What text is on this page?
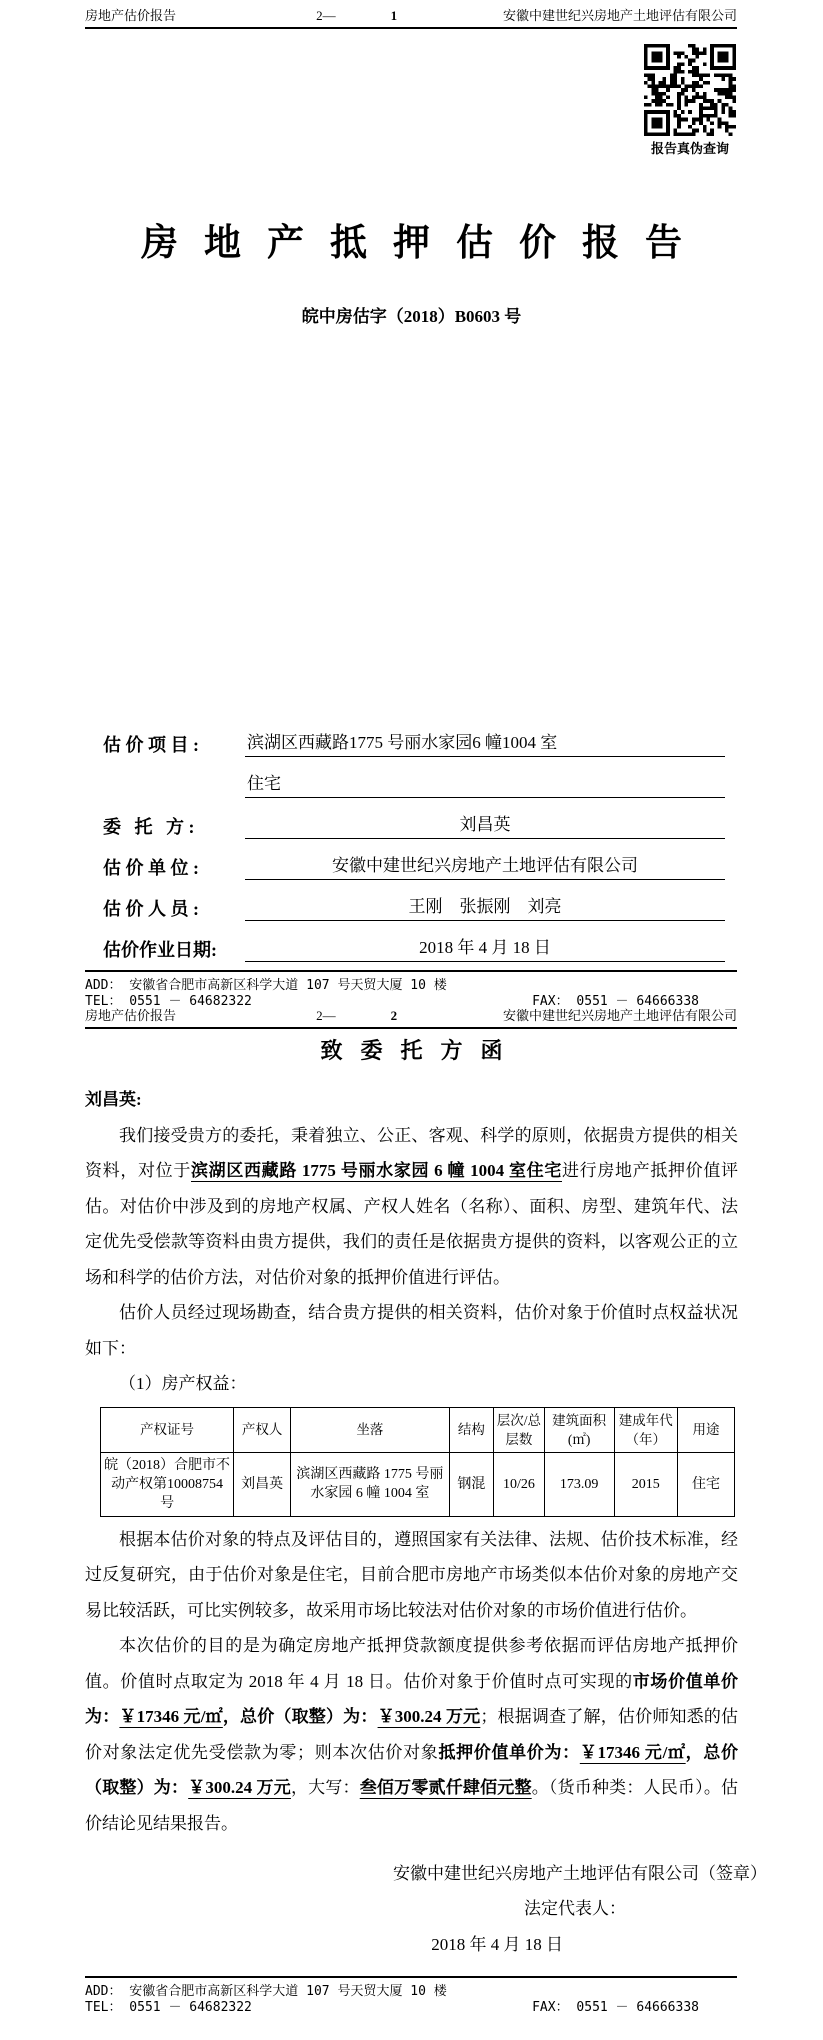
房地产估价报告	2—	1	安徽中建世纪兴房地产土地评估有限公司
报告真伪查询
房地产抵押估价报告
皖中房估字（2018）B0603 号
估 价 项 目 :	滨湖区西藏路1775 号丽水家园6 幢1004 室
住宅
委   托   方 :	刘昌英
估 价 单 位 :	安徽中建世纪兴房地产土地评估有限公司
估 价 人 员 :	王刚    张振刚    刘亮
估价作业日期:	2018 年 4 月 18 日
ADD： 安徽省合肥市高新区科学大道 107 号天贸大厦 10 楼
TEL： 0551 － 64682322	FAX： 0551 － 64666338
房地产估价报告	2—	2	安徽中建世纪兴房地产土地评估有限公司
致委托方函
刘昌英:
我们接受贵方的委托，秉着独立、公正、客观、科学的原则，依据贵方提供的相关资料，对位于滨湖区西藏路 1775 号丽水家园 6 幢 1004 室住宅进行房地产抵押价值评估。对估价中涉及到的房地产权属、产权人姓名（名称）、面积、房型、建筑年代、法定优先受偿款等资料由贵方提供，我们的责任是依据贵方提供的资料，以客观公正的立场和科学的估价方法，对估价对象的抵押价值进行评估。
估价人员经过现场勘查，结合贵方提供的相关资料，估价对象于价值时点权益状况如下：
（1）房产权益：
产权证号	产权人	坐落	结构	层次/总层数	建筑面积(㎡)	建成年代（年）	用途
皖（2018）合肥市不动产权第10008754 号	刘昌英	滨湖区西藏路 1775 号丽水家园 6 幢 1004 室	钢混	10/26	173.09	2015	住宅
根据本估价对象的特点及评估目的，遵照国家有关法律、法规、估价技术标准，经过反复研究，由于估价对象是住宅，目前合肥市房地产市场类似本估价对象的房地产交易比较活跃，可比实例较多，故采用市场比较法对估价对象的市场价值进行估价。
本次估价的目的是为确定房地产抵押贷款额度提供参考依据而评估房地产抵押价值。价值时点取定为 2018 年 4 月 18 日。估价对象于价值时点可实现的市场价值单价为：￥17346 元/㎡，总价（取整）为：￥300.24 万元；根据调查了解，估价师知悉的估价对象法定优先受偿款为零；则本次估价对象抵押价值单价为：￥17346 元/㎡，总价（取整）为：￥300.24 万元，大写：叁佰万零贰仟肆佰元整。（货币种类：人民币）。估价结论见结果报告。
安徽中建世纪兴房地产土地评估有限公司（签章）
法定代表人：
2018 年 4 月 18 日
ADD： 安徽省合肥市高新区科学大道 107 号天贸大厦 10 楼
TEL： 0551 － 64682322	FAX： 0551 － 64666338
